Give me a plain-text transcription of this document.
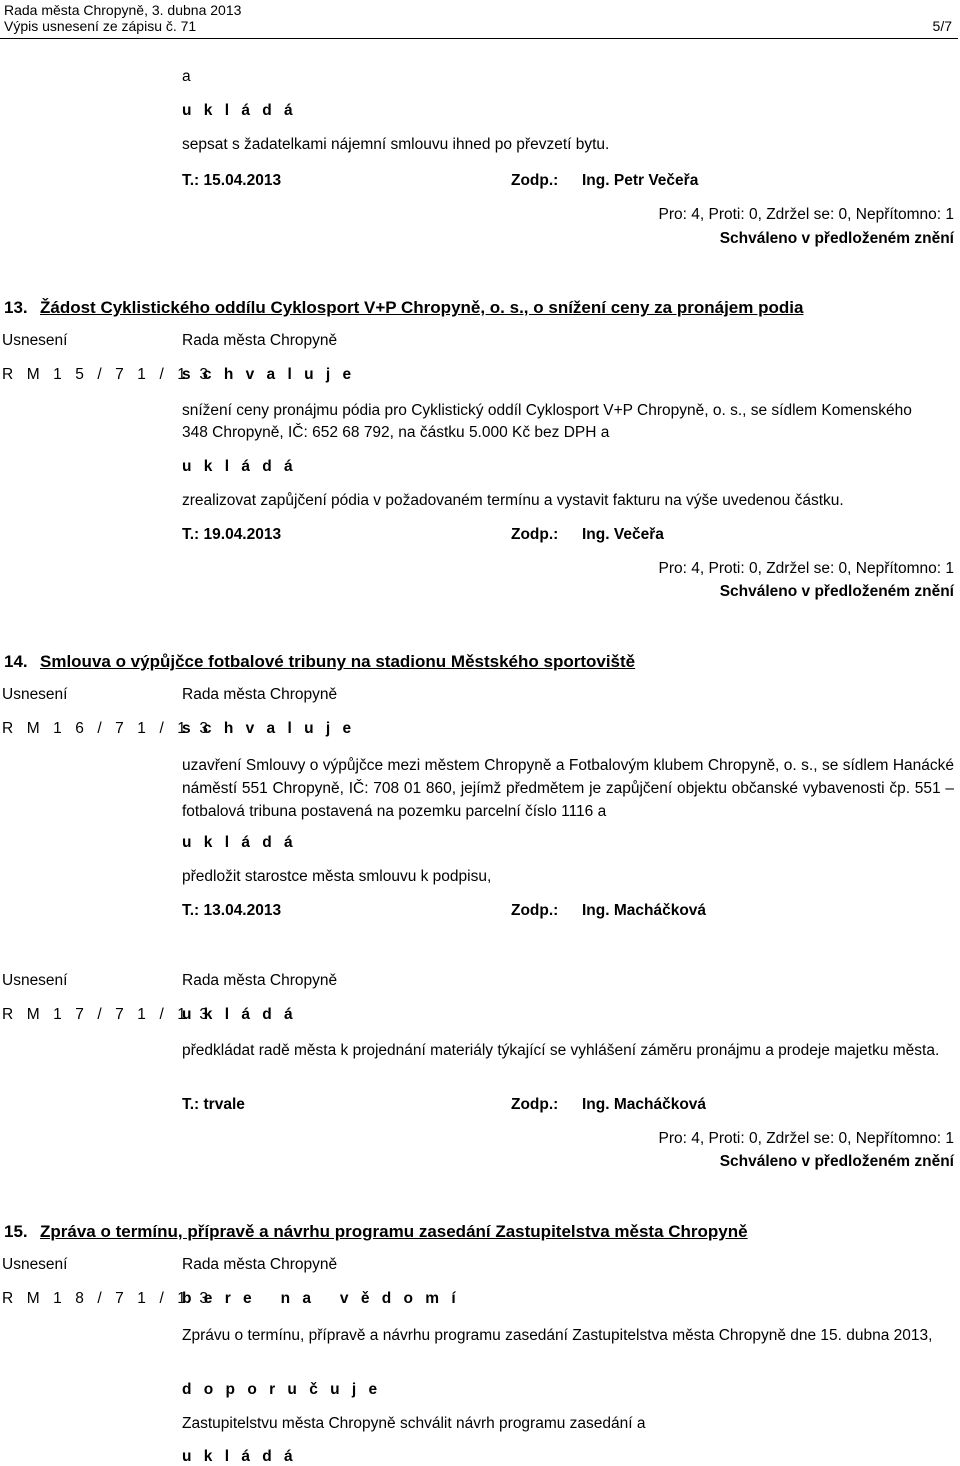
Rada města Chropyně, 3. dubna 2013
Výpis usnesení ze zápisu č. 71	5/7
a
u k l á d á
sepsat s žadatelkami nájemní smlouvu ihned po převzetí bytu.
T.: 15.04.2013	Zodp.: Ing. Petr Večeřa
Pro: 4, Proti: 0, Zdržel se: 0, Nepřítomno: 1
Schváleno v předloženém znění
13. Žádost Cyklistického oddílu Cyklosport V+P Chropyně, o. s., o snížení ceny za pronájem podia
Usnesení	Rada města Chropyně
R M 1 5 / 7 1 / 1 3
s c h v a l u j e
snížení ceny pronájmu pódia pro Cyklistický oddíl Cyklosport V+P Chropyně, o. s., se sídlem Komenského
348 Chropyně, IČ: 652 68 792, na částku 5.000 Kč bez DPH a
u k l á d á
zrealizovat zapůjčení pódia v požadovaném termínu a vystavit fakturu na výše uvedenou částku.
T.: 19.04.2013	Zodp.: Ing. Večeřa
Pro: 4, Proti: 0, Zdržel se: 0, Nepřítomno: 1
Schváleno v předloženém znění
14. Smlouva o výpůjčce fotbalové tribuny na stadionu Městského sportoviště
Usnesení	Rada města Chropyně
R M 1 6 / 7 1 / 1 3
s c h v a l u j e
uzavření Smlouvy o výpůjčce mezi městem Chropyně a Fotbalovým klubem Chropyně, o. s., se sídlem Hanácké náměstí 551 Chropyně, IČ: 708 01 860, jejímž předmětem je zapůjčení objektu občanské vybavenosti čp. 551 – fotbalová tribuna postavená na pozemku parcelní číslo 1116 a
u k l á d á
předložit starostce města smlouvu k podpisu,
T.: 13.04.2013	Zodp.: Ing. Macháčková
Usnesení	Rada města Chropyně
R M 1 7 / 7 1 / 1 3
u k l á d á
předkládat radě města k projednání materiály týkající se vyhlášení záměru pronájmu a prodeje majetku města.
T.: trvale	Zodp.: Ing. Macháčková
Pro: 4, Proti: 0, Zdržel se: 0, Nepřítomno: 1
Schváleno v předloženém znění
15. Zpráva o termínu, přípravě a návrhu programu zasedání Zastupitelstva města Chropyně
Usnesení	Rada města Chropyně
R M 1 8 / 7 1 / 1 3
b e r e   n a   v ě d o m í
Zprávu o termínu, přípravě a návrhu programu zasedání Zastupitelstva města Chropyně dne 15. dubna 2013,
d o p o r u č u j e
Zastupitelstvu města Chropyně schválit návrh programu zasedání a
u k l á d á
